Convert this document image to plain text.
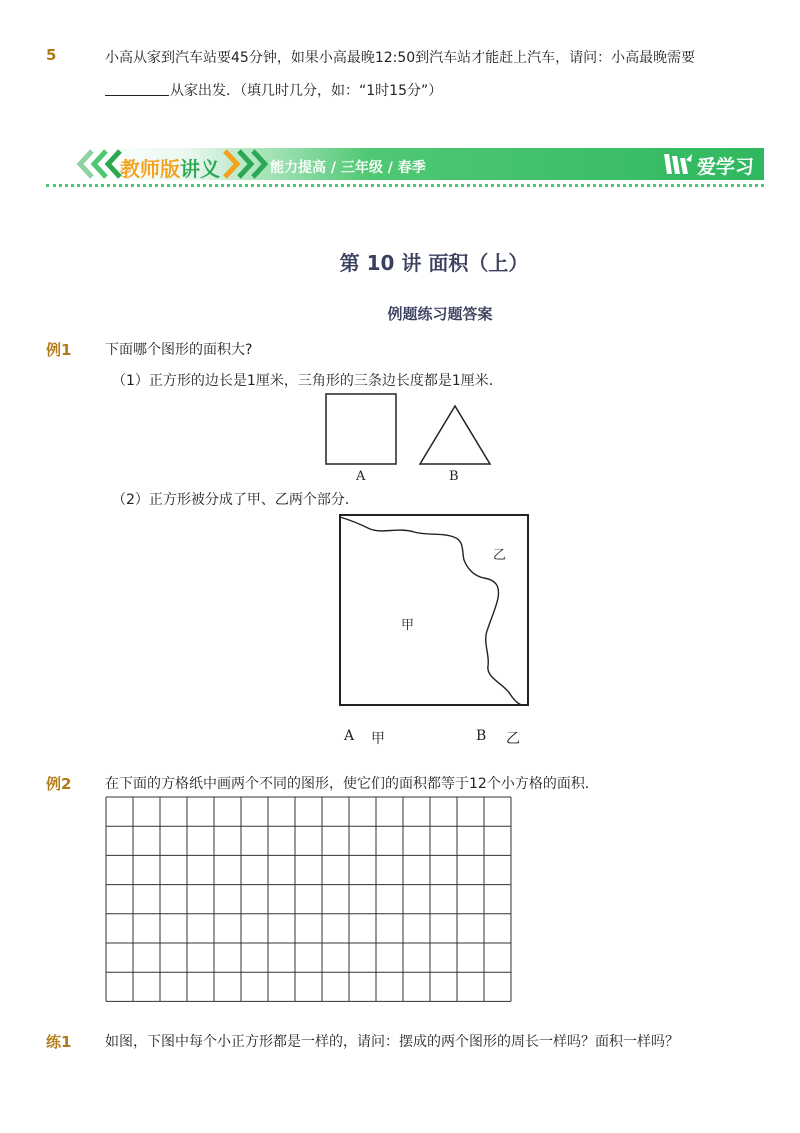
5	小高从家到汽车站要45分钟，如果小高最晚12:50到汽车站才能赶上汽车，请问：小高最晚需要
从家出发．（填几时几分，如：“1时15分”）
教师版讲义	能力提高 / 三年级 / 春季	爱学习
第 10 讲 面积（上）
例题练习题答案
例1 下面哪个图形的面积大?
（1）正方形的边长是1厘米，三角形的三条边长度都是1厘米．
A	B
（2）正方形被分成了甲、乙两个部分．
甲
乙
A 甲	B 乙
例2 在下面的方格纸中画两个不同的图形，使它们的面积都等于12个小方格的面积．
练1 如图，下图中每个小正方形都是一样的，请问：摆成的两个图形的周长一样吗？面积一样吗？
